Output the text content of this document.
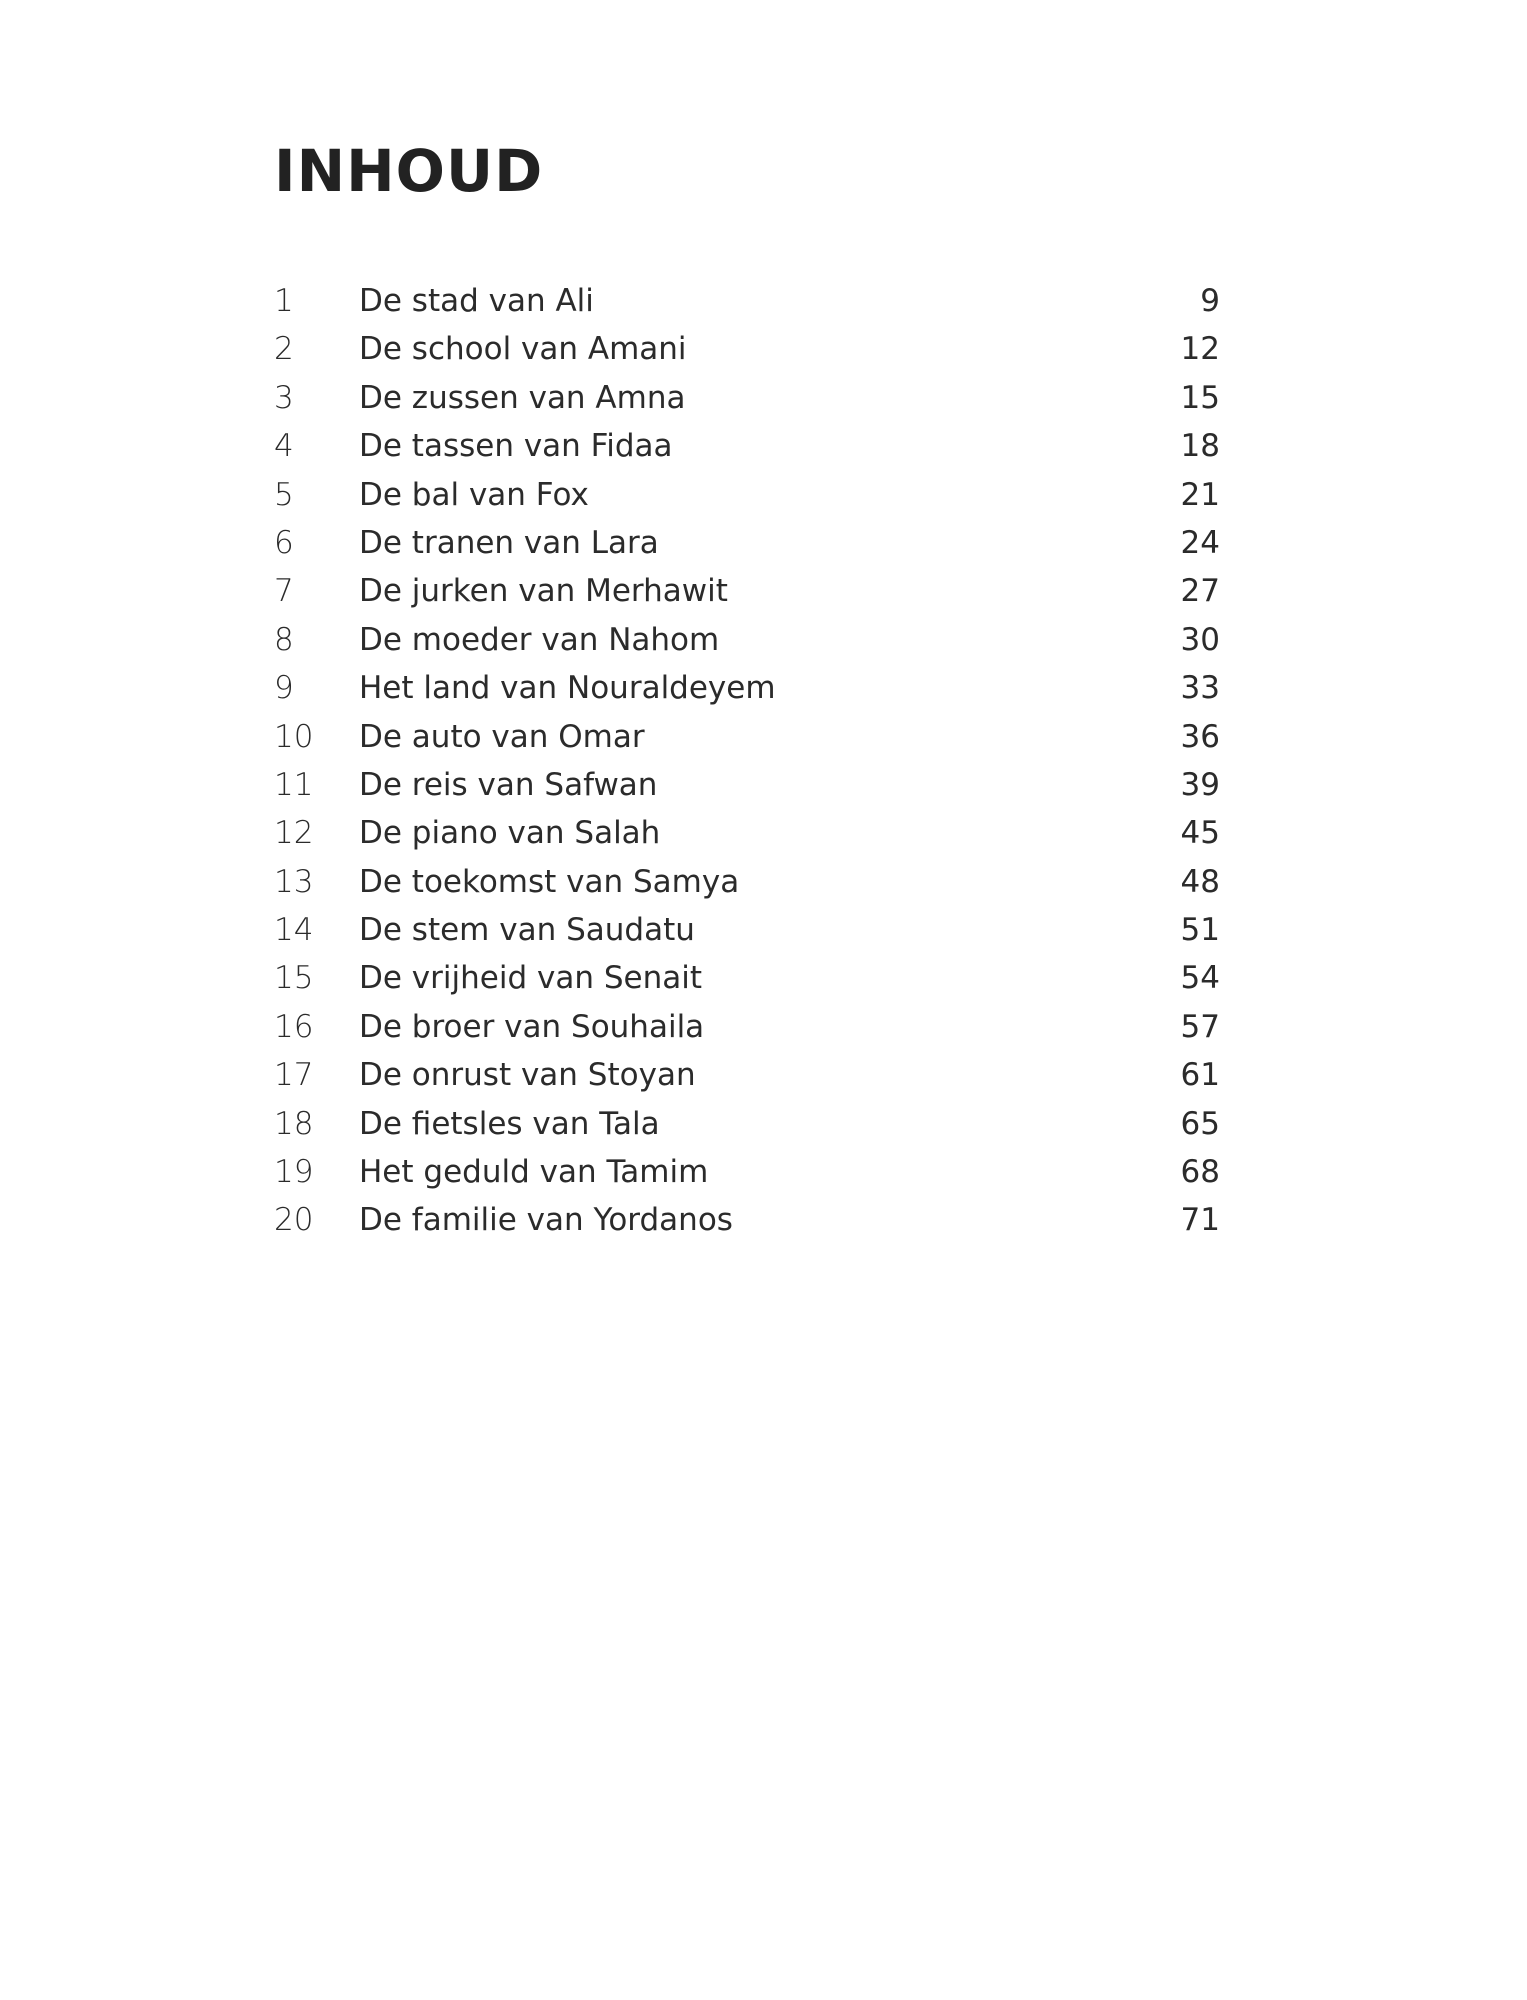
INHOUD
1 De stad van Ali	9
2 De school van Amani	12
3 De zussen van Amna	15
4 De tassen van Fidaa	18
5 De bal van Fox	21
6 De tranen van Lara	24
7 De jurken van Merhawit	27
8 De moeder van Nahom	30
9 Het land van Nouraldeyem	33
10 De auto van Omar	36
11 De reis van Safwan	39
12 De piano van Salah	45
13 De toekomst van Samya	48
14 De stem van Saudatu	51
15 De vrijheid van Senait	54
16 De broer van Souhaila	57
17 De onrust van Stoyan	61
18 De fietsles van Tala	65
19 Het geduld van Tamim	68
20 De familie van Yordanos	71
